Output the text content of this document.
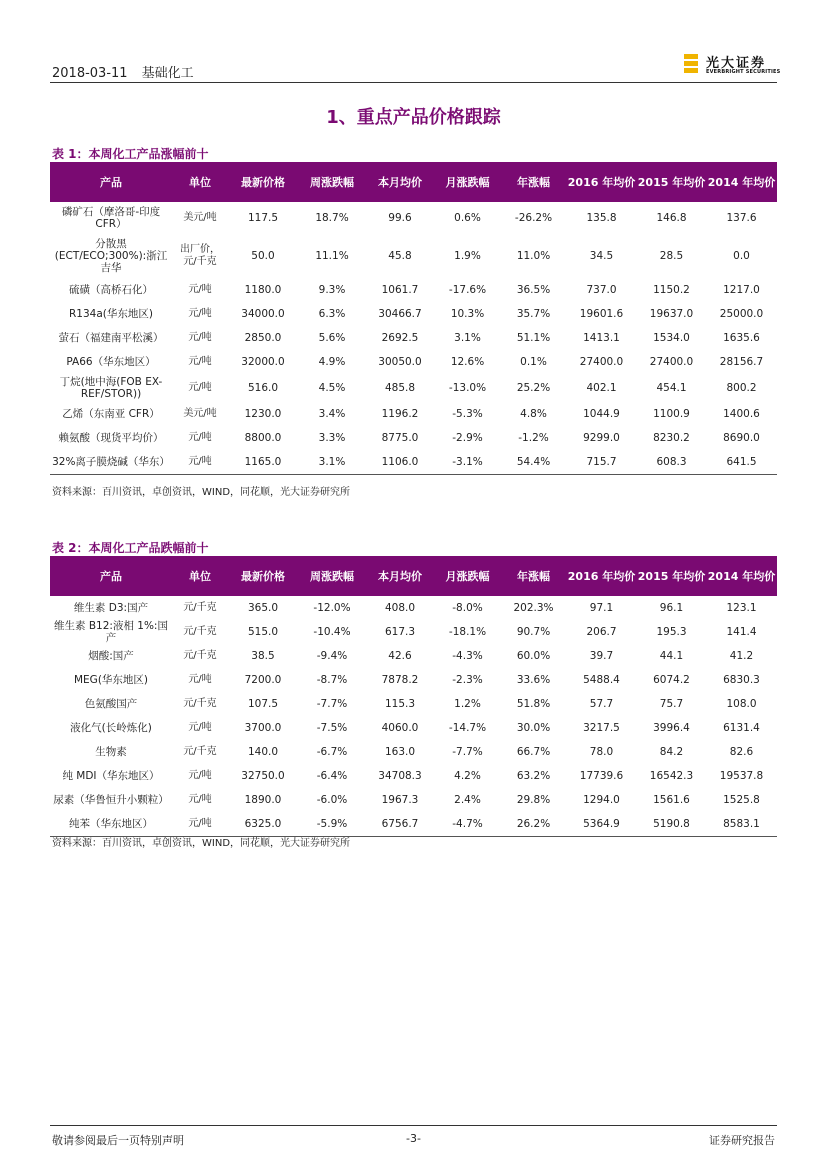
2018-03-11 基础化工
光大证券
EVERBRIGHT SECURITIES
1、重点产品价格跟踪
表 1：本周化工产品涨幅前十
产品	单位	最新价格	周涨跌幅	本月均价	月涨跌幅	年涨幅	2016 年均价	2015 年均价	2014 年均价
磷矿石（摩洛哥-印度 CFR）	美元/吨	117.5	18.7%	99.6	0.6%	-26.2%	135.8	146.8	137.6
分散黑(ECT/ECO;300%):浙江吉华	出厂价，元/千克	50.0	11.1%	45.8	1.9%	11.0%	34.5	28.5	0.0
硫磺（高桥石化）	元/吨	1180.0	9.3%	1061.7	-17.6%	36.5%	737.0	1150.2	1217.0
R134a(华东地区)	元/吨	34000.0	6.3%	30466.7	10.3%	35.7%	19601.6	19637.0	25000.0
萤石（福建南平松溪）	元/吨	2850.0	5.6%	2692.5	3.1%	51.1%	1413.1	1534.0	1635.6
PA66（华东地区）	元/吨	32000.0	4.9%	30050.0	12.6%	0.1%	27400.0	27400.0	28156.7
丁烷(地中海(FOB EX-REF/STOR))	元/吨	516.0	4.5%	485.8	-13.0%	25.2%	402.1	454.1	800.2
乙烯（东南亚 CFR）	美元/吨	1230.0	3.4%	1196.2	-5.3%	4.8%	1044.9	1100.9	1400.6
赖氨酸（现货平均价）	元/吨	8800.0	3.3%	8775.0	-2.9%	-1.2%	9299.0	8230.2	8690.0
32%离子膜烧碱（华东）	元/吨	1165.0	3.1%	1106.0	-3.1%	54.4%	715.7	608.3	641.5
资料来源：百川资讯，卓创资讯，WIND，同花顺，光大证券研究所
表 2：本周化工产品跌幅前十
产品	单位	最新价格	周涨跌幅	本月均价	月涨跌幅	年涨幅	2016 年均价	2015 年均价	2014 年均价
维生素 D3:国产	元/千克	365.0	-12.0%	408.0	-8.0%	202.3%	97.1	96.1	123.1
维生素 B12:液相 1%:国产	元/千克	515.0	-10.4%	617.3	-18.1%	90.7%	206.7	195.3	141.4
烟酸:国产	元/千克	38.5	-9.4%	42.6	-4.3%	60.0%	39.7	44.1	41.2
MEG(华东地区)	元/吨	7200.0	-8.7%	7878.2	-2.3%	33.6%	5488.4	6074.2	6830.3
色氨酸国产	元/千克	107.5	-7.7%	115.3	1.2%	51.8%	57.7	75.7	108.0
液化气(长岭炼化)	元/吨	3700.0	-7.5%	4060.0	-14.7%	30.0%	3217.5	3996.4	6131.4
生物素	元/千克	140.0	-6.7%	163.0	-7.7%	66.7%	78.0	84.2	82.6
纯 MDI（华东地区）	元/吨	32750.0	-6.4%	34708.3	4.2%	63.2%	17739.6	16542.3	19537.8
尿素（华鲁恒升小颗粒）	元/吨	1890.0	-6.0%	1967.3	2.4%	29.8%	1294.0	1561.6	1525.8
纯苯（华东地区）	元/吨	6325.0	-5.9%	6756.7	-4.7%	26.2%	5364.9	5190.8	8583.1
资料来源：百川资讯，卓创资讯，WIND，同花顺，光大证券研究所
敬请参阅最后一页特别声明	-3-	证券研究报告
